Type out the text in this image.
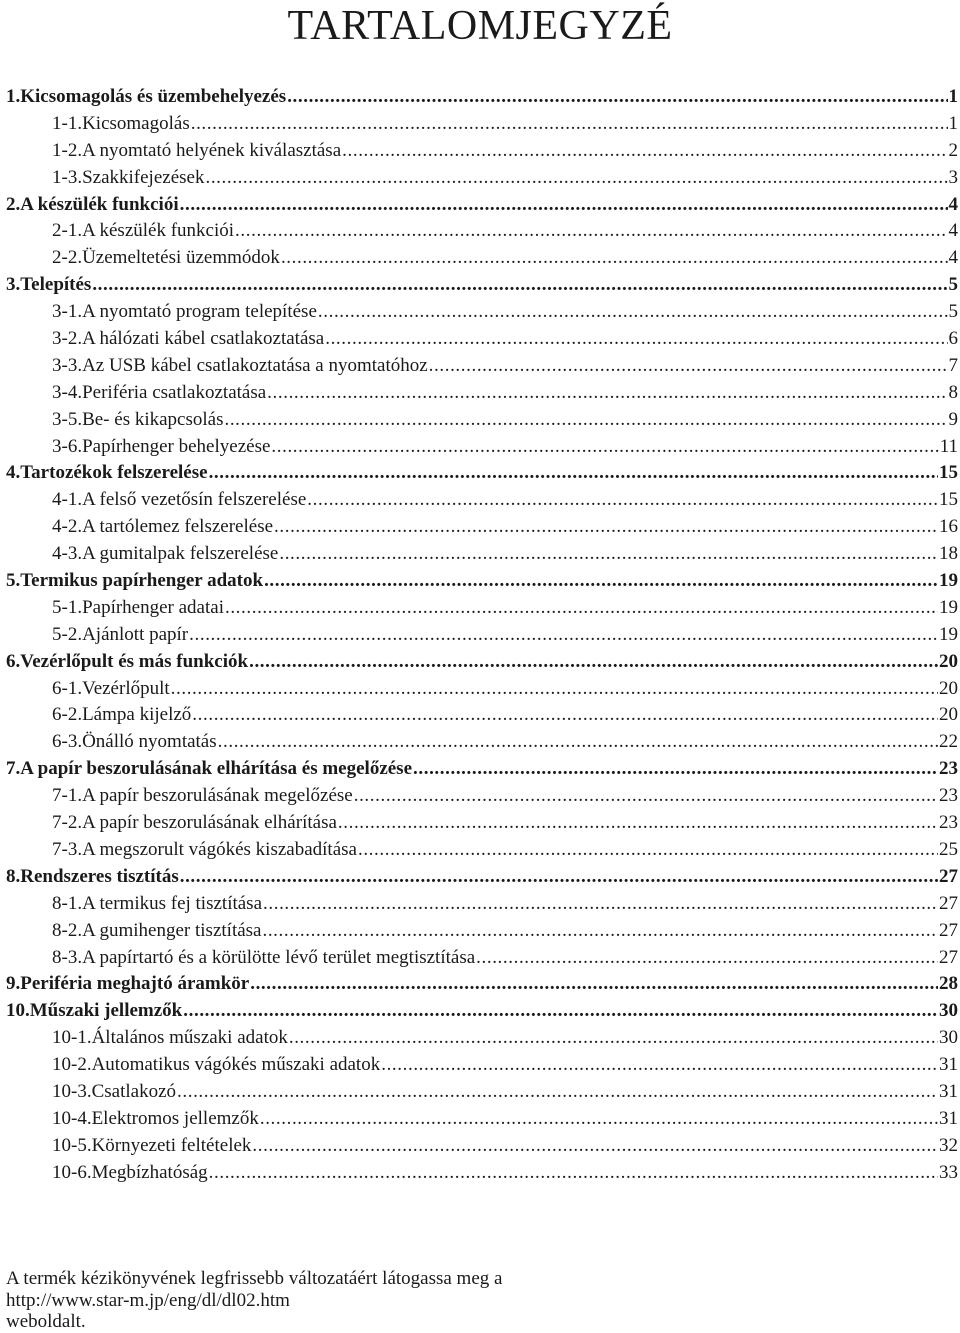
TARTALOMJEGYZÉ
1. Kicsomagolás és üzembehelyezés .....	1
1-1. Kicsomagolás .....	1
1-2. A nyomtató helyének kiválasztása .....	2
1-3. Szakkifejezések .....	3
2. A készülék funkciói .....	4
2-1. A készülék funkciói .....	4
2-2. Üzemeltetési üzemmódok .....	4
3. Telepítés .....	5
3-1. A nyomtató program telepítése .....	5
3-2. A hálózati kábel csatlakoztatása .....	6
3-3. Az USB kábel csatlakoztatása a nyomtatóhoz .....	7
3-4. Periféria csatlakoztatása .....	8
3-5. Be- és kikapcsolás .....	9
3-6. Papírhenger behelyezése .....	11
4. Tartozékok felszerelése .....	15
4-1. A felső vezetősín felszerelése .....	15
4-2. A tartólemez felszerelése .....	16
4-3. A gumitalpak felszerelése .....	18
5. Termikus papírhenger adatok .....	19
5-1. Papírhenger adatai .....	19
5-2. Ajánlott papír .....	19
6. Vezérlőpult és más funkciók .....	20
6-1. Vezérlőpult .....	20
6-2. Lámpa kijelző .....	20
6-3. Önálló nyomtatás .....	22
7. A papír beszorulásának elhárítása és megelőzése .....	23
7-1. A papír beszorulásának megelőzése .....	23
7-2. A papír beszorulásának elhárítása .....	23
7-3. A megszorult vágókés kiszabadítása .....	25
8. Rendszeres tisztítás .....	27
8-1. A termikus fej tisztítása .....	27
8-2. A gumihenger tisztítása .....	27
8-3. A papírtartó és a körülötte lévő terület megtisztítása .....	27
9. Periféria meghajtó áramkör .....	28
10. Műszaki jellemzők .....	30
10-1. Általános műszaki adatok .....	30
10-2. Automatikus vágókés műszaki adatok .....	31
10-3. Csatlakozó .....	31
10-4. Elektromos jellemzők .....	31
10-5. Környezeti feltételek .....	32
10-6. Megbízhatóság .....	33
A termék kézikönyvének legfrissebb változatáért látogassa meg a
http://www.star-m.jp/eng/dl/dl02.htm
weboldalt.
